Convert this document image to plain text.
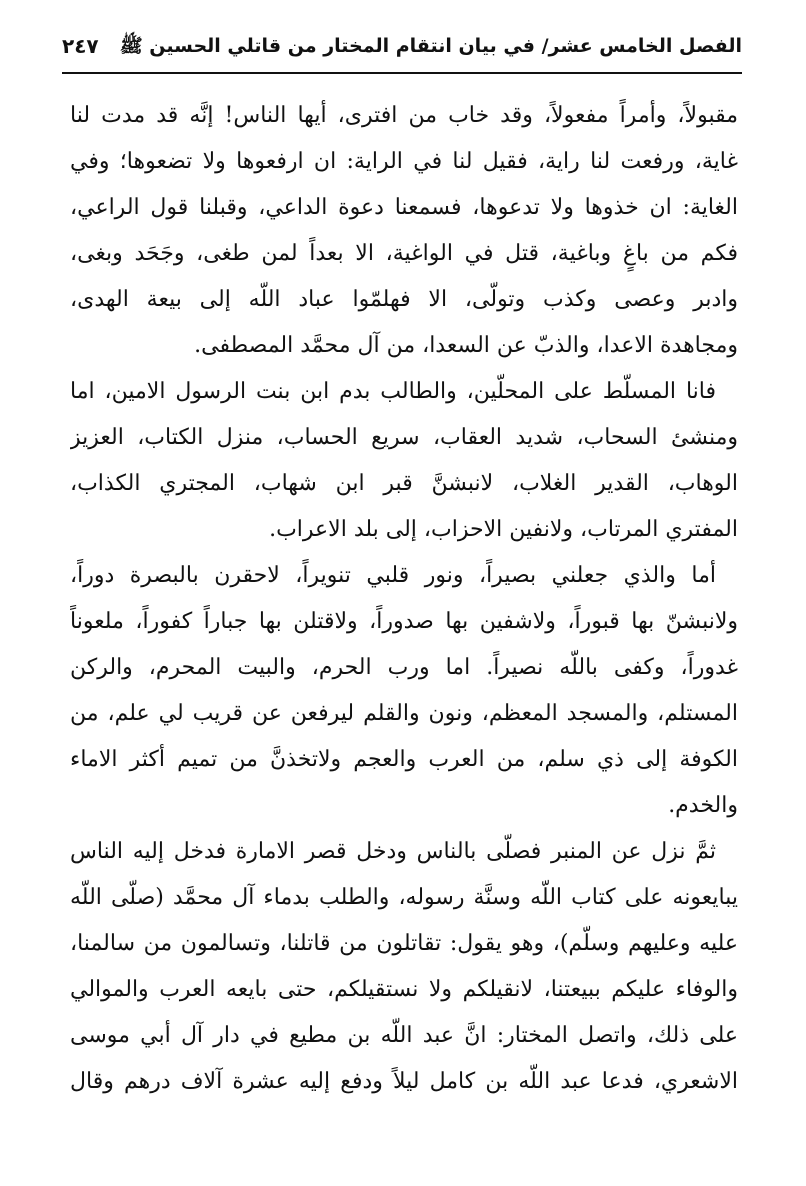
الفصل الخامس عشر/ في بيان انتقام المختار من قاتلي الحسين ﷺ
٢٤٧

مقبولاً، وأمراً مفعولاً، وقد خاب من افترى، أيها الناس! إنَّه قد مدت لنا
غاية، ورفعت لنا راية، فقيل لنا في الراية: ان ارفعوها ولا تضعوها؛ وفي
الغاية: ان خذوها ولا تدعوها، فسمعنا دعوة الداعي، وقبلنا قول الراعي،
فكم من باغٍ وباغية، قتل في الواغية، الا بعداً لمن طغى، وجَحَد وبغى،
وادبر وعصى وكذب وتولّى، الا فهلمّوا عباد اللّه إلى بيعة الهدى،
ومجاهدة الاعدا، والذبّ عن السعدا، من آل محمَّد المصطفى.

فانا المسلّط على المحلّين، والطالب بدم ابن بنت الرسول الامين، اما
ومنشئ السحاب، شديد العقاب، سريع الحساب، منزل الكتاب، العزيز
الوهاب، القدير الغلاب، لانبشنَّ قبر ابن شهاب، المجتري الكذاب،
المفتري المرتاب، ولانفين الاحزاب، إلى بلد الاعراب.

أما والذي جعلني بصيراً، ونور قلبي تنويراً، لاحقرن بالبصرة دوراً،
ولانبشنّ بها قبوراً، ولاشفين بها صدوراً، ولاقتلن بها جباراً كفوراً، ملعوناً
غدوراً، وكفى باللّه نصيراً. اما ورب الحرم، والبيت المحرم، والركن
المستلم، والمسجد المعظم، ونون والقلم ليرفعن عن قريب لي علم، من
الكوفة إلى ذي سلم، من العرب والعجم ولاتخذنَّ من تميم أكثر الاماء
والخدم.

ثمَّ نزل عن المنبر فصلّى بالناس ودخل قصر الامارة فدخل إليه الناس
يبايعونه على كتاب اللّه وسنَّة رسوله، والطلب بدماء آل محمَّد (صلّى اللّه
عليه وعليهم وسلّم)، وهو يقول: تقاتلون من قاتلنا، وتسالمون من سالمنا،
والوفاء عليكم ببيعتنا، لانقيلكم ولا نستقيلكم، حتى بايعه العرب والموالي
على ذلك، واتصل المختار: انَّ عبد اللّه بن مطيع في دار آل أبي موسى
الاشعري، فدعا عبد اللّه بن كامل ليلاً ودفع إليه عشرة آلاف درهم وقال
